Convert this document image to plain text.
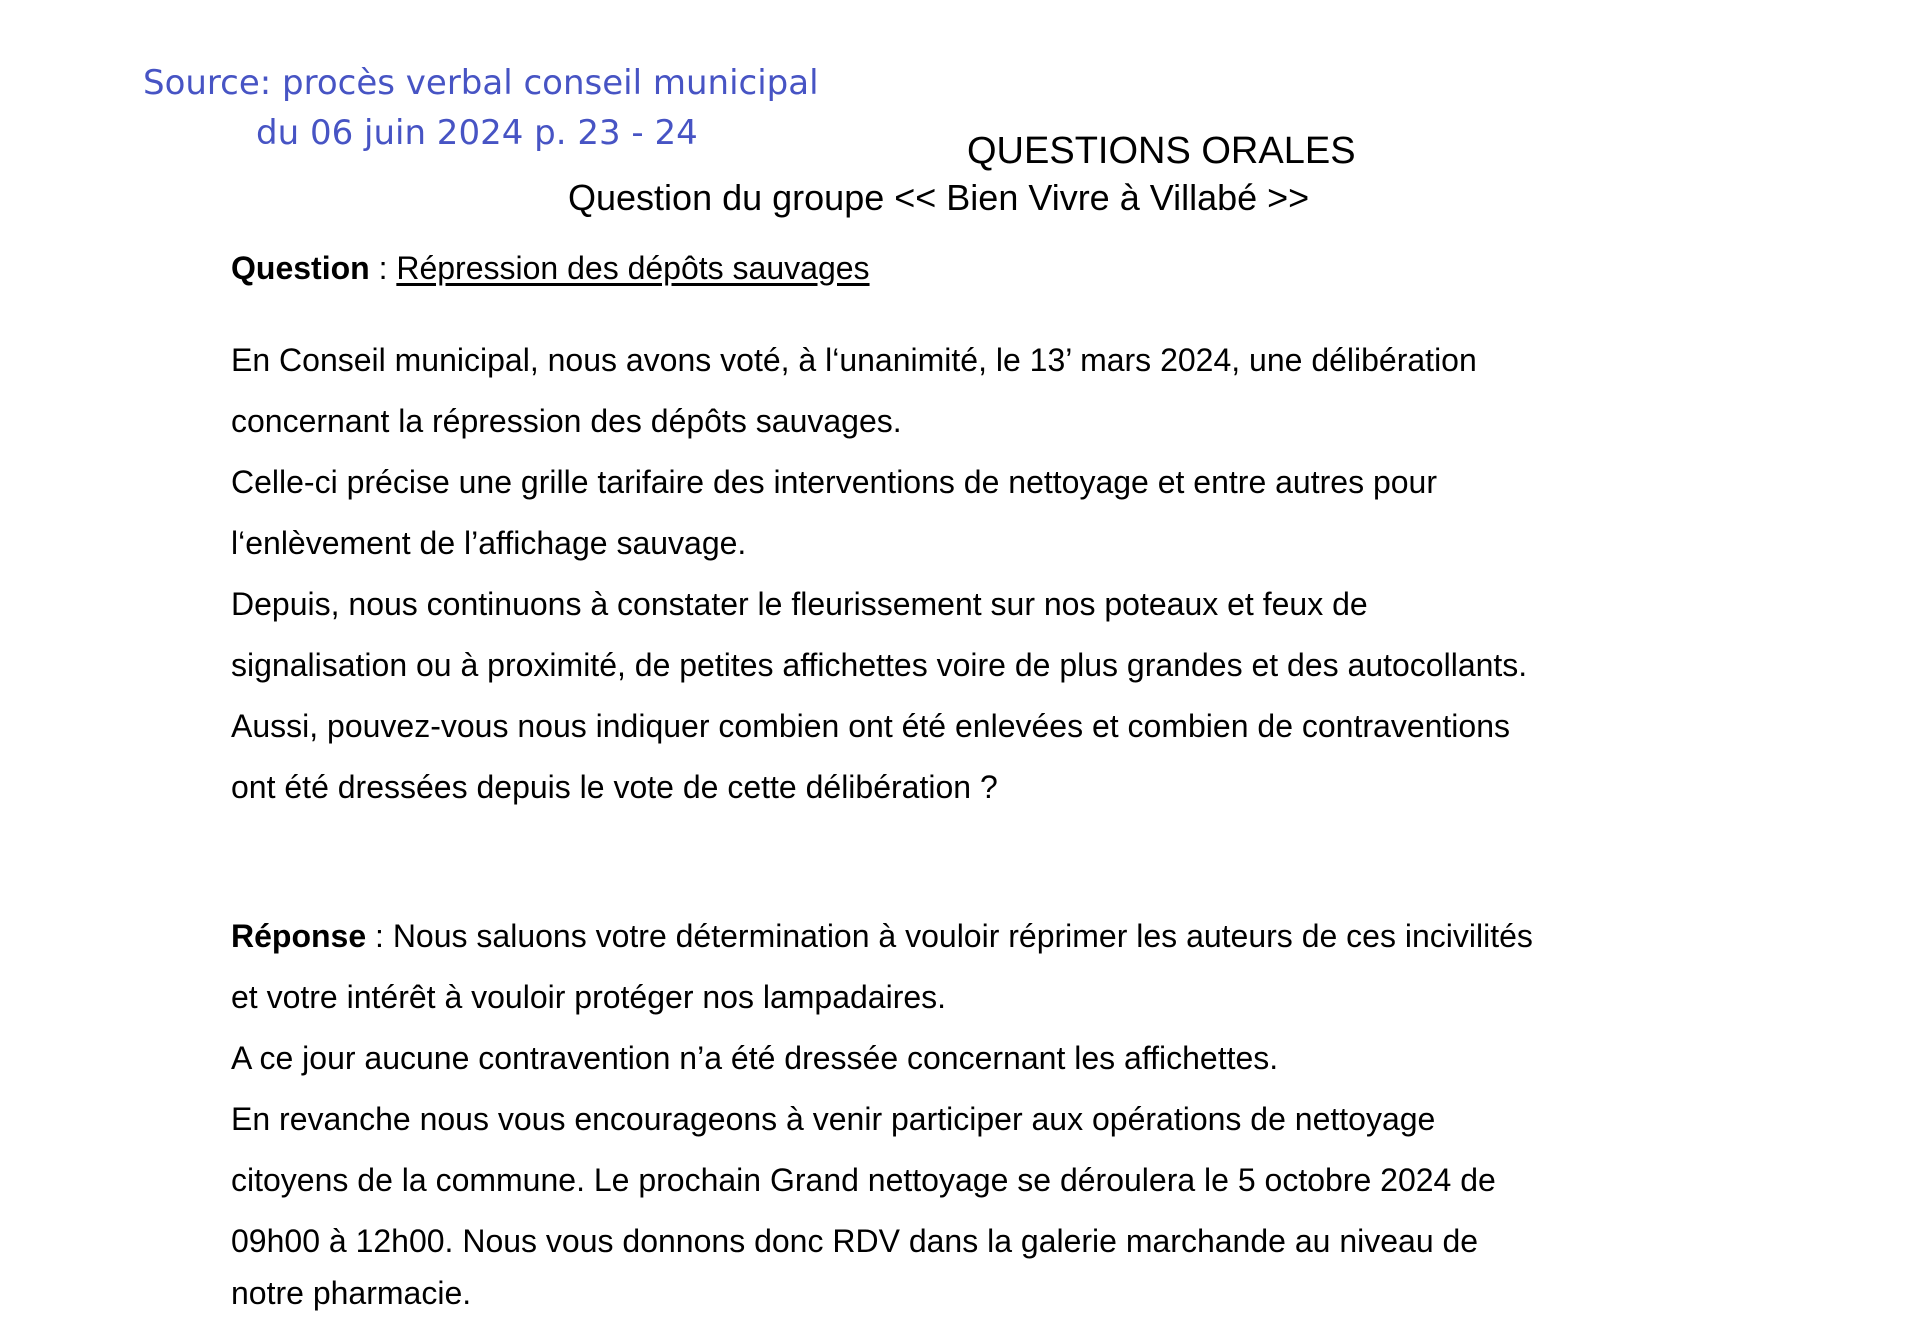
Source: procès verbal conseil municipal
du 06 juin 2024 p. 23 - 24	QUESTIONS ORALES
Question du groupe << Bien Vivre à Villabé >>
Question : Répression des dépôts sauvages

En Conseil municipal, nous avons voté, à l‘unanimité, le 13’ mars 2024, une délibération

concernant la répression des dépôts sauvages.

Celle-ci précise une grille tarifaire des interventions de nettoyage et entre autres pour

l‘enlèvement de l’affichage sauvage.

Depuis, nous continuons à constater le fleurissement sur nos poteaux et feux de

signalisation ou à proximité, de petites affichettes voire de plus grandes et des autocollants.

Aussi, pouvez-vous nous indiquer combien ont été enlevées et combien de contraventions

ont été dressées depuis le vote de cette délibération ?

Réponse : Nous saluons votre détermination à vouloir réprimer les auteurs de ces incivilités

et votre intérêt à vouloir protéger nos lampadaires.

A ce jour aucune contravention n’a été dressée concernant les affichettes.

En revanche nous vous encourageons à venir participer aux opérations de nettoyage

citoyens de la commune. Le prochain Grand nettoyage se déroulera le 5 octobre 2024 de

09h00 à 12h00. Nous vous donnons donc RDV dans la galerie marchande au niveau de

notre pharmacie.
